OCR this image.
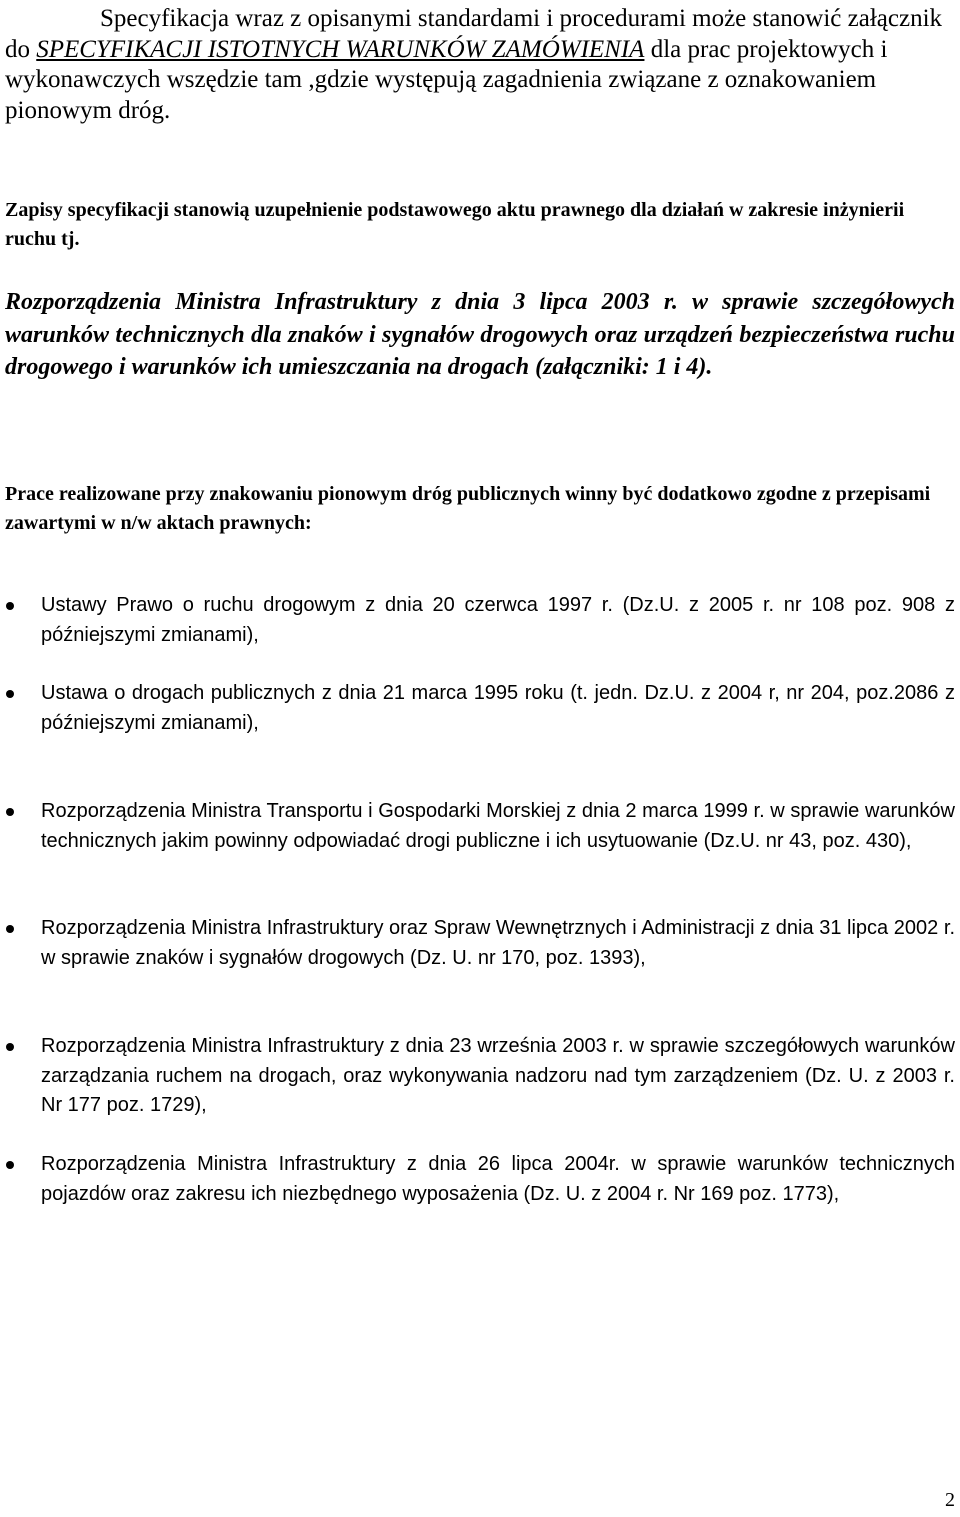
Specyfikacja wraz z opisanymi standardami i procedurami może stanowić załącznik do SPECYFIKACJI ISTOTNYCH WARUNKÓW ZAMÓWIENIA dla prac projektowych i wykonawczych wszędzie tam ,gdzie występują zagadnienia związane z oznakowaniem pionowym dróg.

Zapisy specyfikacji stanowią uzupełnienie podstawowego aktu prawnego dla działań w zakresie inżynierii ruchu tj.

Rozporządzenia Ministra Infrastruktury z dnia 3 lipca 2003 r. w sprawie szczegółowych warunków technicznych dla znaków i sygnałów drogowych oraz urządzeń bezpieczeństwa ruchu drogowego i warunków ich umieszczania na drogach (załączniki: 1 i 4).

Prace realizowane przy znakowaniu pionowym dróg publicznych winny być dodatkowo zgodne z przepisami zawartymi w n/w aktach prawnych:

Ustawy Prawo o ruchu drogowym z dnia 20 czerwca 1997 r. (Dz.U. z 2005 r. nr 108 poz. 908 z późniejszymi zmianami),

Ustawa o drogach publicznych z dnia 21 marca 1995 roku (t. jedn. Dz.U. z 2004 r, nr 204, poz.2086 z późniejszymi zmianami),

Rozporządzenia Ministra Transportu i Gospodarki Morskiej z dnia 2 marca 1999 r. w sprawie warunków technicznych jakim powinny odpowiadać drogi publiczne i ich usytuowanie (Dz.U. nr 43, poz. 430),

Rozporządzenia Ministra Infrastruktury oraz Spraw Wewnętrznych i Administracji z dnia 31 lipca 2002 r. w sprawie znaków i sygnałów drogowych (Dz. U. nr 170, poz. 1393),

Rozporządzenia Ministra Infrastruktury z dnia 23 września 2003 r. w sprawie szczegółowych warunków zarządzania ruchem na drogach, oraz wykonywania nadzoru nad tym zarządzeniem (Dz. U. z 2003 r. Nr 177 poz. 1729),

Rozporządzenia Ministra Infrastruktury z dnia 26 lipca 2004r. w sprawie warunków technicznych pojazdów oraz zakresu ich niezbędnego wyposażenia (Dz. U. z 2004 r. Nr 169 poz. 1773),

2
